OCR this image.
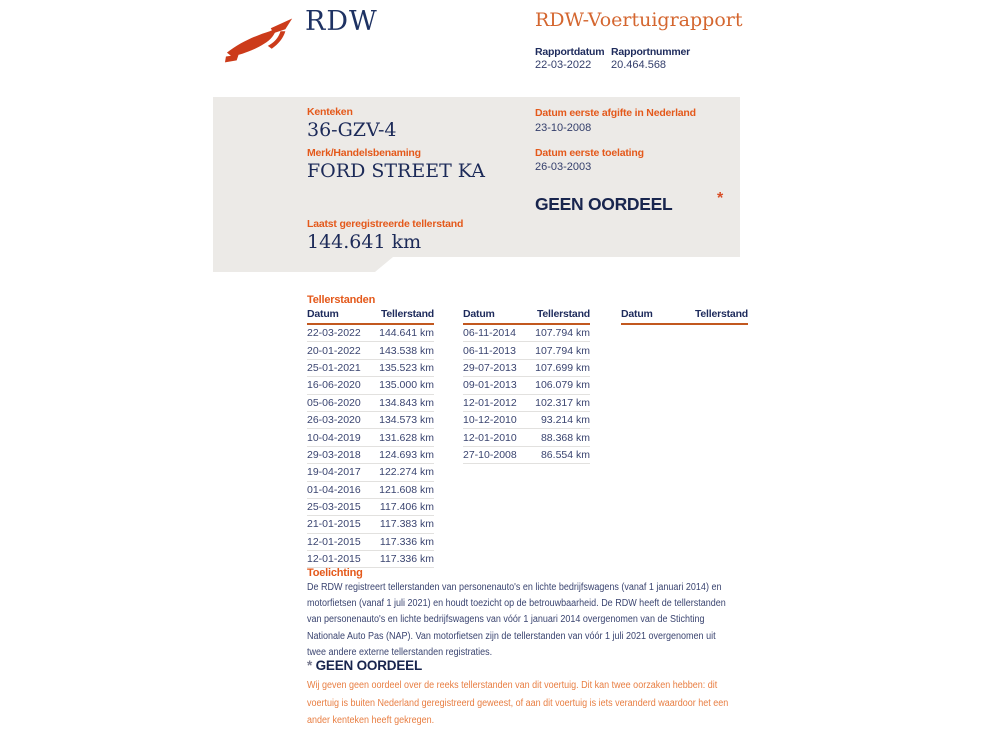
RDW	RDW-Voertuigrapport
Rapportdatum Rapportnummer
22-03-2022 20.464.568
Kenteken
36-GZV-4
Merk/Handelsbenaming
FORD STREET KA
Laatst geregistreerde tellerstand
144.641 km
Datum eerste afgifte in Nederland
23-10-2008
Datum eerste toelating
26-03-2003
GEEN OORDEEL	*
Tellerstanden
Datum	Tellerstand
22-03-2022 144.641 km
20-01-2022 143.538 km
25-01-2021 135.523 km
16-06-2020 135.000 km
05-06-2020 134.843 km
26-03-2020 134.573 km
10-04-2019 131.628 km
29-03-2018 124.693 km
19-04-2017 122.274 km
01-04-2016 121.608 km
25-03-2015 117.406 km
21-01-2015 117.383 km
12-01-2015 117.336 km
12-01-2015 117.336 km
Datum	Tellerstand
06-11-2014 107.794 km
06-11-2013 107.794 km
29-07-2013 107.699 km
09-01-2013 106.079 km
12-01-2012 102.317 km
10-12-2010 93.214 km
12-01-2010 88.368 km
27-10-2008 86.554 km
Datum	Tellerstand
Toelichting
De RDW registreert tellerstanden van personenauto's en lichte bedrijfswagens (vanaf 1 januari 2014) en
motorfietsen (vanaf 1 juli 2021) en houdt toezicht op de betrouwbaarheid. De RDW heeft de tellerstanden
van personenauto's en lichte bedrijfswagens van vóór 1 januari 2014 overgenomen van de Stichting
Nationale Auto Pas (NAP). Van motorfietsen zijn de tellerstanden van vóór 1 juli 2021 overgenomen uit
twee andere externe tellerstanden registraties.
* GEEN OORDEEL
Wij geven geen oordeel over de reeks tellerstanden van dit voertuig. Dit kan twee oorzaken hebben: dit
voertuig is buiten Nederland geregistreerd geweest, of aan dit voertuig is iets veranderd waardoor het een
ander kenteken heeft gekregen.
